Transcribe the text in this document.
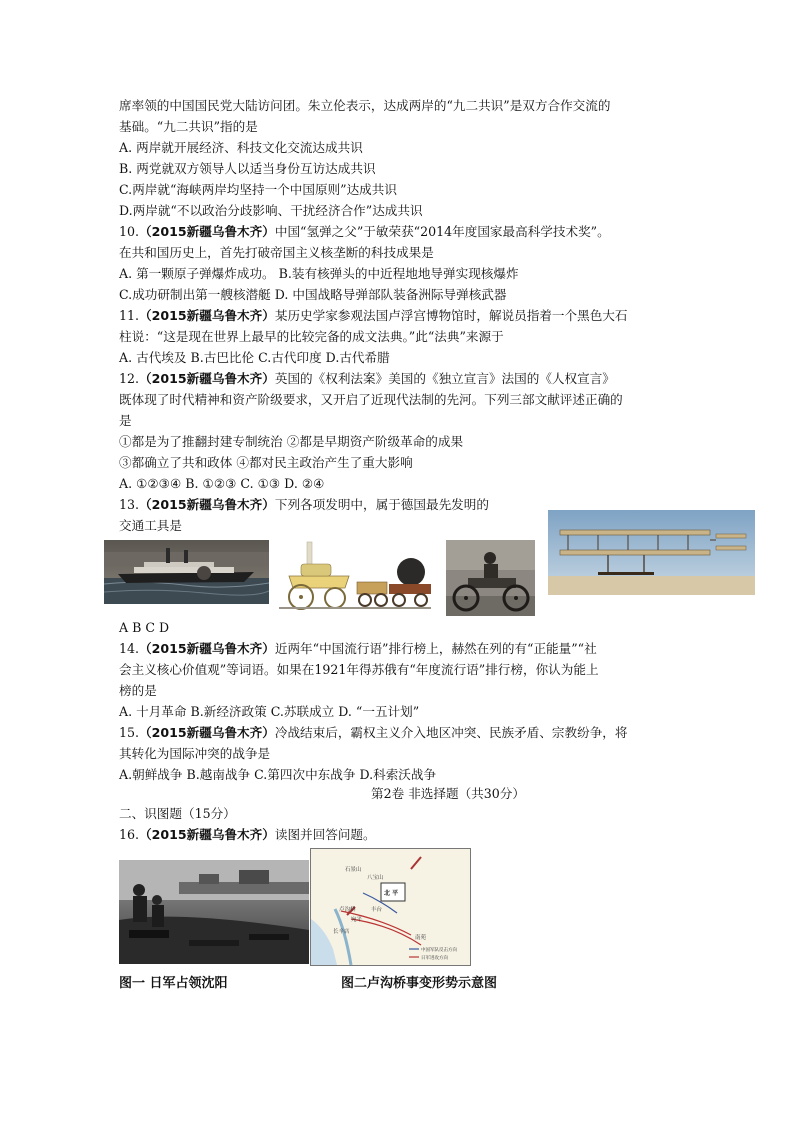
席率领的中国国民党大陆访问团。朱立伦表示，达成两岸的“九二共识”是双方合作交流的
基础。“九二共识”指的是
A. 两岸就开展经济、科技文化交流达成共识
B. 两党就双方领导人以适当身份互访达成共识
C.两岸就“海峡两岸均坚持一个中国原则”达成共识
D.两岸就“不以政治分歧影响、干扰经济合作”达成共识
10.（2015新疆乌鲁木齐）中国“氢弹之父”于敏荣获“2014年度国家最高科学技术奖”。
在共和国历史上，首先打破帝国主义核垄断的科技成果是
A. 第一颗原子弹爆炸成功。 B.装有核弹头的中近程地地导弹实现核爆炸
C.成功研制出第一艘核潜艇 D. 中国战略导弹部队装备洲际导弹核武器
11.（2015新疆乌鲁木齐）某历史学家参观法国卢浮宫博物馆时，解说员指着一个黑色大石
柱说：“这是现在世界上最早的比较完备的成文法典。”此“法典”来源于
A. 古代埃及 B.古巴比伦 C.古代印度 D.古代希腊
12.（2015新疆乌鲁木齐）英国的《权利法案》美国的《独立宣言》法国的《人权宣言》
既体现了时代精神和资产阶级要求，又开启了近现代法制的先河。下列三部文献评述正确的
是
①都是为了推翻封建专制统治 ②都是早期资产阶级革命的成果
③都确立了共和政体 ④都对民主政治产生了重大影响
A. ①②③④ B. ①②③ C. ①③ D. ②④
13.（2015新疆乌鲁木齐）下列各项发明中，属于德国最先发明的
交通工具是
A B C D
14.（2015新疆乌鲁木齐）近两年“中国流行语”排行榜上，赫然在列的有“正能量”“社
会主义核心价值观”等词语。如果在1921年得苏俄有“年度流行语”排行榜，你认为能上
榜的是
A. 十月革命 B.新经济政策 C.苏联成立 D. “一五计划”
15.（2015新疆乌鲁木齐）冷战结束后，霸权主义介入地区冲突、民族矛盾、宗教纷争，将
其转化为国际冲突的战争是
A.朝鲜战争 B.越南战争 C.第四次中东战争 D.科索沃战争
第2卷 非选择题（共30分）
二、识图题（15分）
16.（2015新疆乌鲁木齐）读图并回答问题。
石景山
八宝山
北 平
丰台
卢沟桥
宛平
长辛店
南苑
中国军队反击方向
日军进攻方向
图一 日军占领沈阳	图二卢沟桥事变形势示意图
